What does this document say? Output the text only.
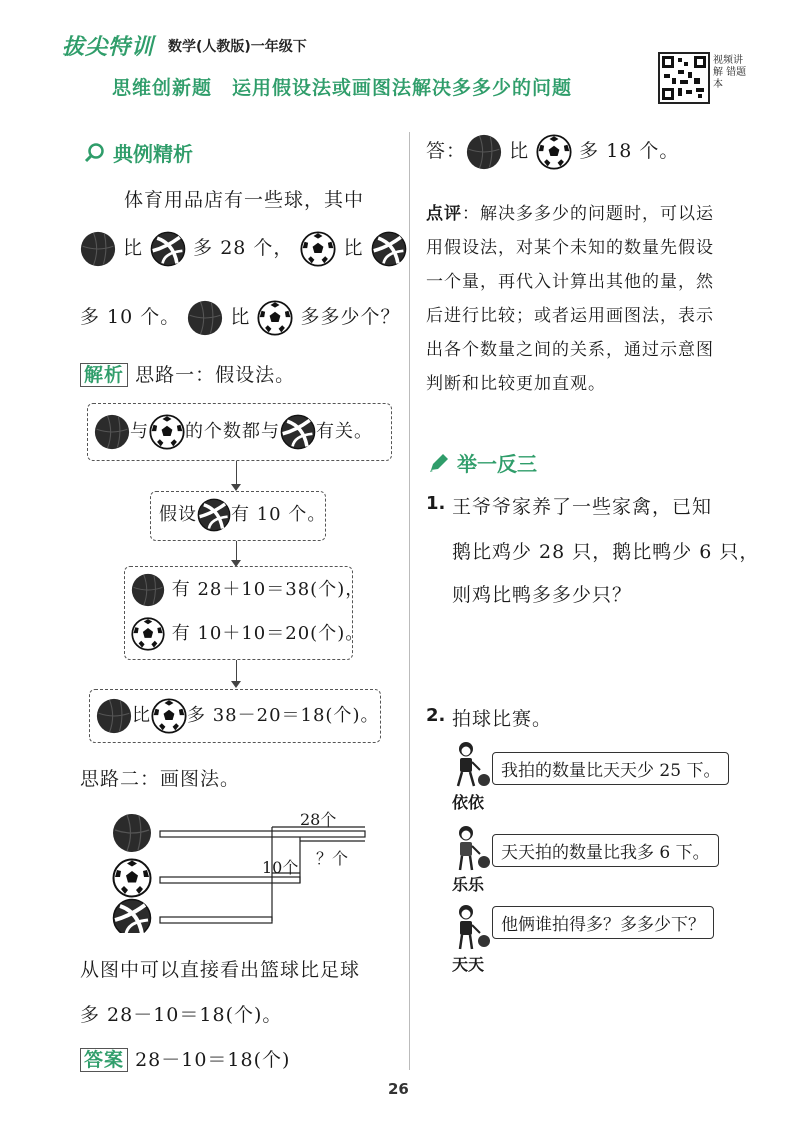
拔尖特训 数学(人教版)一年级下
思维创新题　运用假设法或画图法解决多多少的问题
视频讲解 错题本
典例精析
体育用品店有一些球，其中
比	多 28 个，	比
多 10 个。	比	多多少个？
解析 思路一：假设法。
与 的个数都与 有关。
假设 有 10 个。
有 28＋10＝38(个)，
有 10＋10＝20(个)。
比 多 38－20＝18(个)。
思路二：画图法。
28个
10个 ？个
从图中可以直接看出篮球比足球
多 28－10＝18(个)。
答案 28－10＝18(个)
答： 比	多 18 个。
点评：解决多多少的问题时，可以运
用假设法，对某个未知的数量先假设
一个量，再代入计算出其他的量，然
后进行比较；或者运用画图法，表示
出各个数量之间的关系，通过示意图
判断和比较更加直观。
举一反三
1. 王爷爷家养了一些家禽，已知
鹅比鸡少 28 只，鹅比鸭少 6 只，
则鸡比鸭多多少只？
2. 拍球比赛。
我拍的数量比天天少 25 下。
依依
天天拍的数量比我多 6 下。
乐乐
他俩谁拍得多？多多少下？
天天
26
